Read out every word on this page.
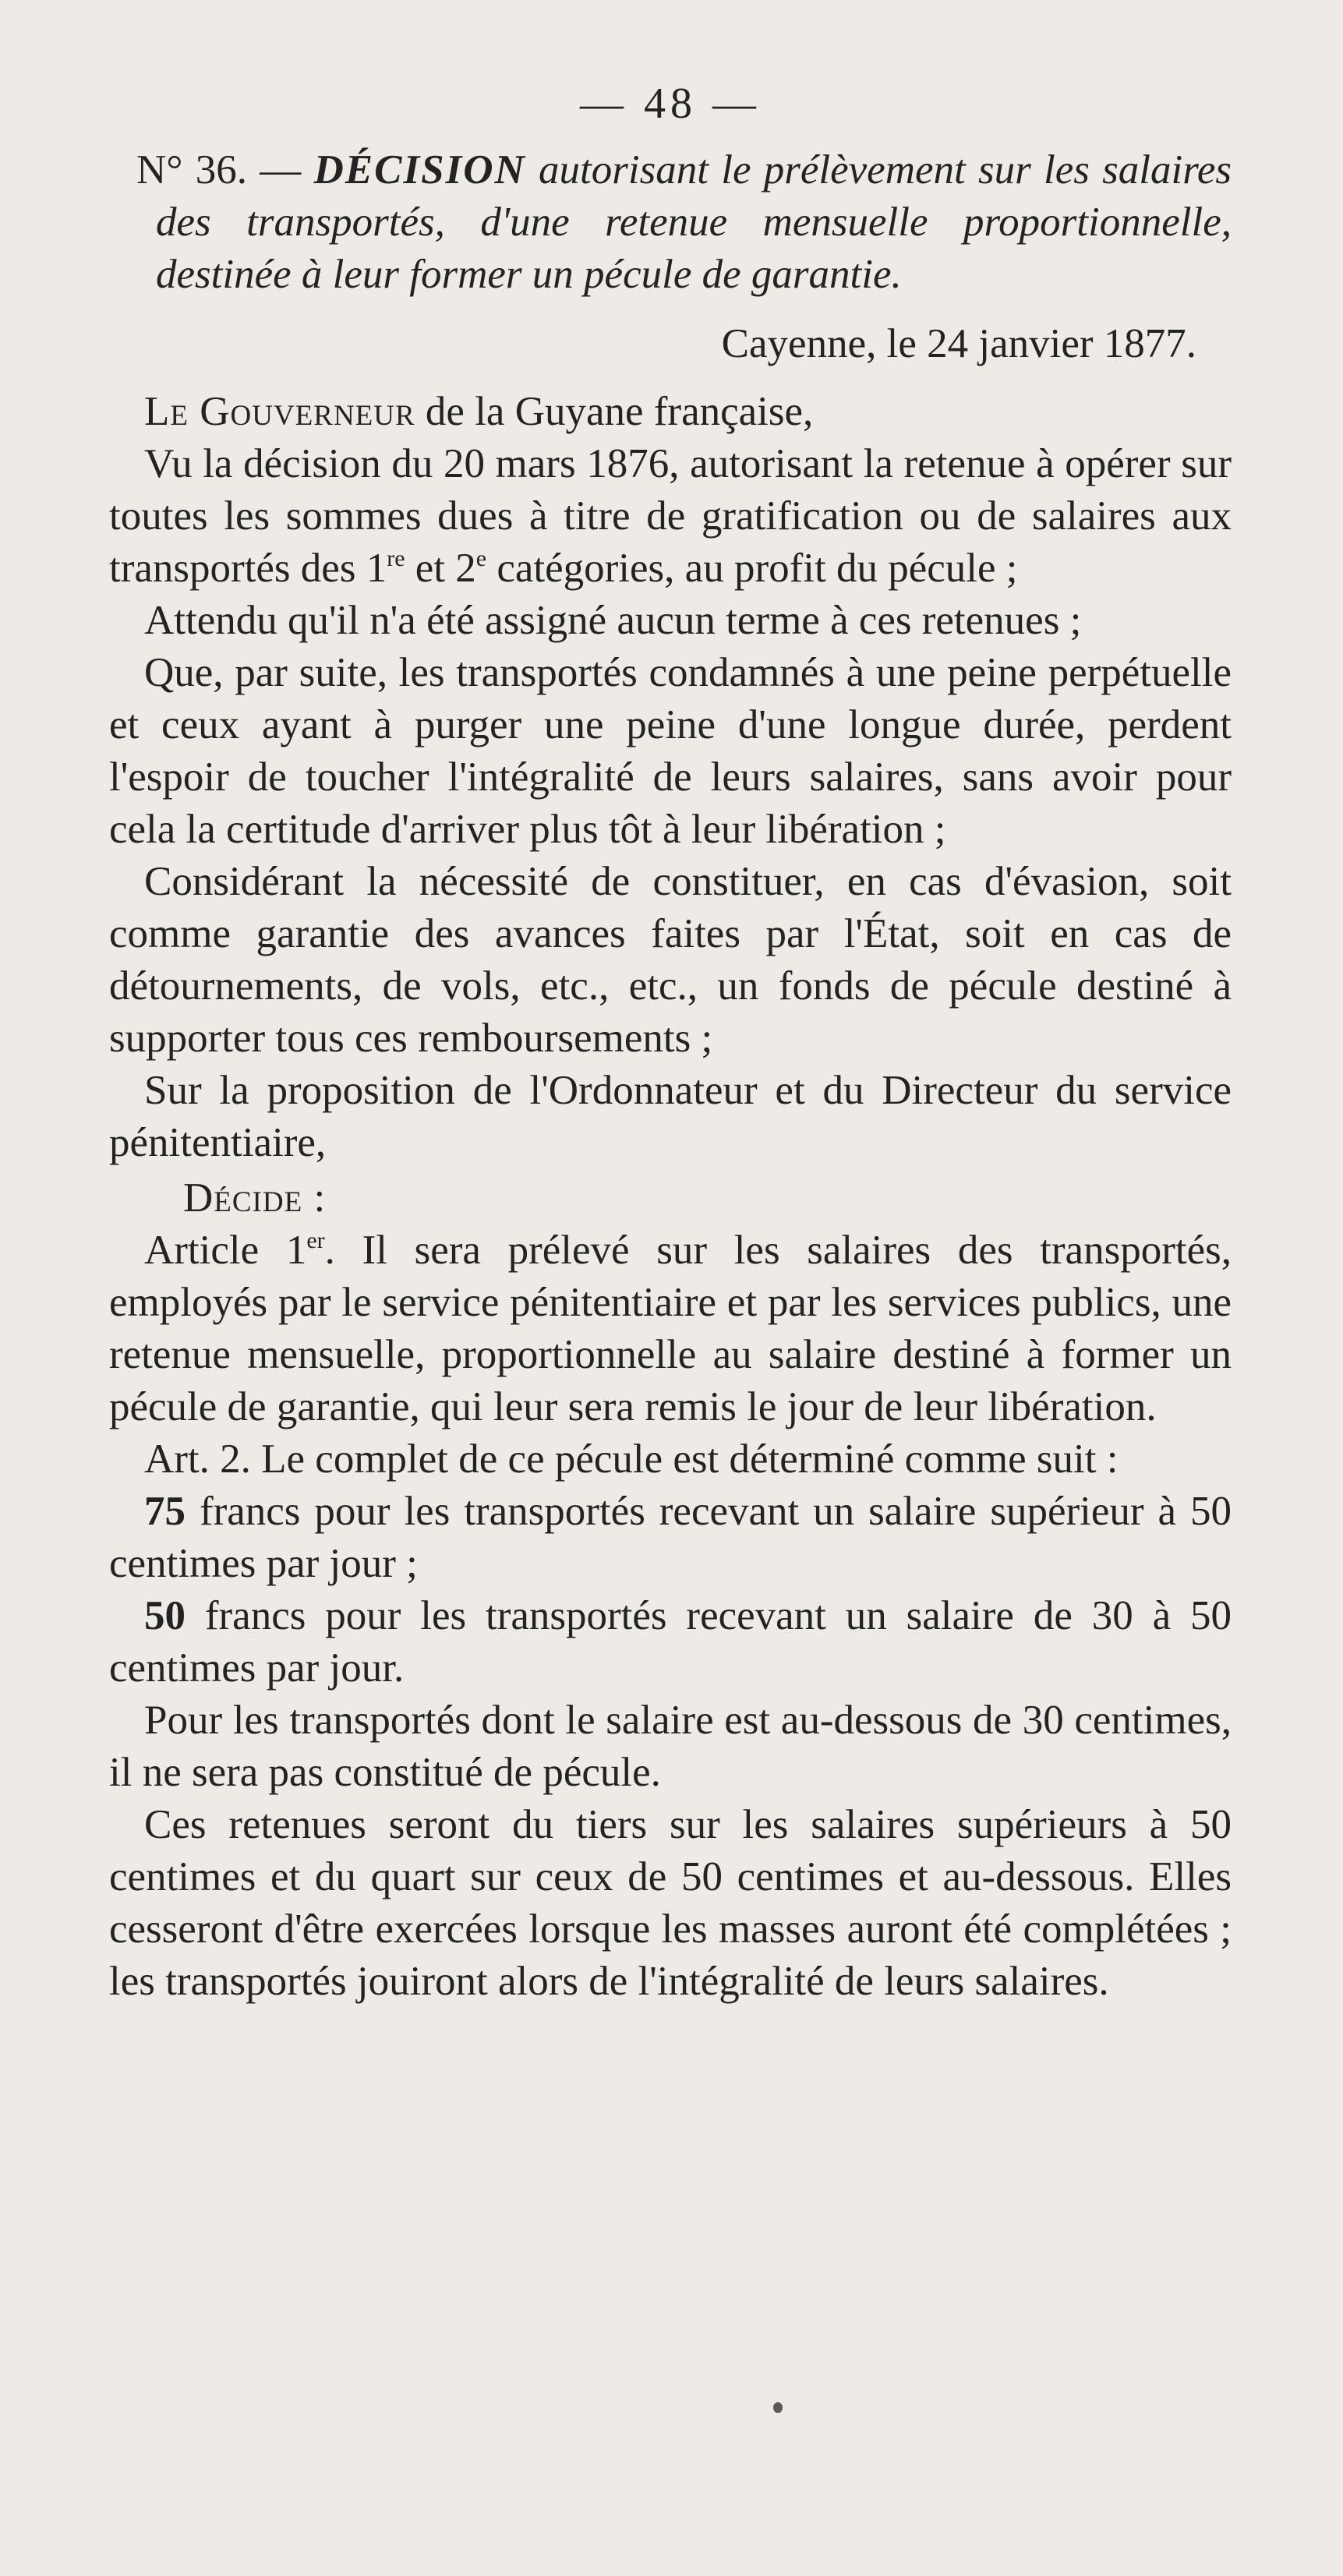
— 48 —

N° 36. — DÉCISION autorisant le prélèvement sur les salaires des transportés, d'une retenue mensuelle proportionnelle, destinée à leur former un pécule de garantie.

Cayenne, le 24 janvier 1877.

Le Gouverneur de la Guyane française,

Vu la décision du 20 mars 1876, autorisant la retenue à opérer sur toutes les sommes dues à titre de gratification ou de salaires aux transportés des 1re et 2e catégories, au profit du pécule ;

Attendu qu'il n'a été assigné aucun terme à ces retenues ;

Que, par suite, les transportés condamnés à une peine perpétuelle et ceux ayant à purger une peine d'une longue durée, perdent l'espoir de toucher l'intégralité de leurs salaires, sans avoir pour cela la certitude d'arriver plus tôt à leur libération ;

Considérant la nécessité de constituer, en cas d'évasion, soit comme garantie des avances faites par l'État, soit en cas de détournements, de vols, etc., etc., un fonds de pécule destiné à supporter tous ces remboursements ;

Sur la proposition de l'Ordonnateur et du Directeur du service pénitentiaire,

Décide :

Article 1er. Il sera prélevé sur les salaires des transportés, employés par le service pénitentiaire et par les services publics, une retenue mensuelle, proportionnelle au salaire destiné à former un pécule de garantie, qui leur sera remis le jour de leur libération.

Art. 2. Le complet de ce pécule est déterminé comme suit :

75 francs pour les transportés recevant un salaire supérieur à 50 centimes par jour ;

50 francs pour les transportés recevant un salaire de 30 à 50 centimes par jour.

Pour les transportés dont le salaire est au-dessous de 30 centimes, il ne sera pas constitué de pécule.

Ces retenues seront du tiers sur les salaires supérieurs à 50 centimes et du quart sur ceux de 50 centimes et au-dessous. Elles cesseront d'être exercées lorsque les masses auront été complétées ; les transportés jouiront alors de l'intégralité de leurs salaires.
